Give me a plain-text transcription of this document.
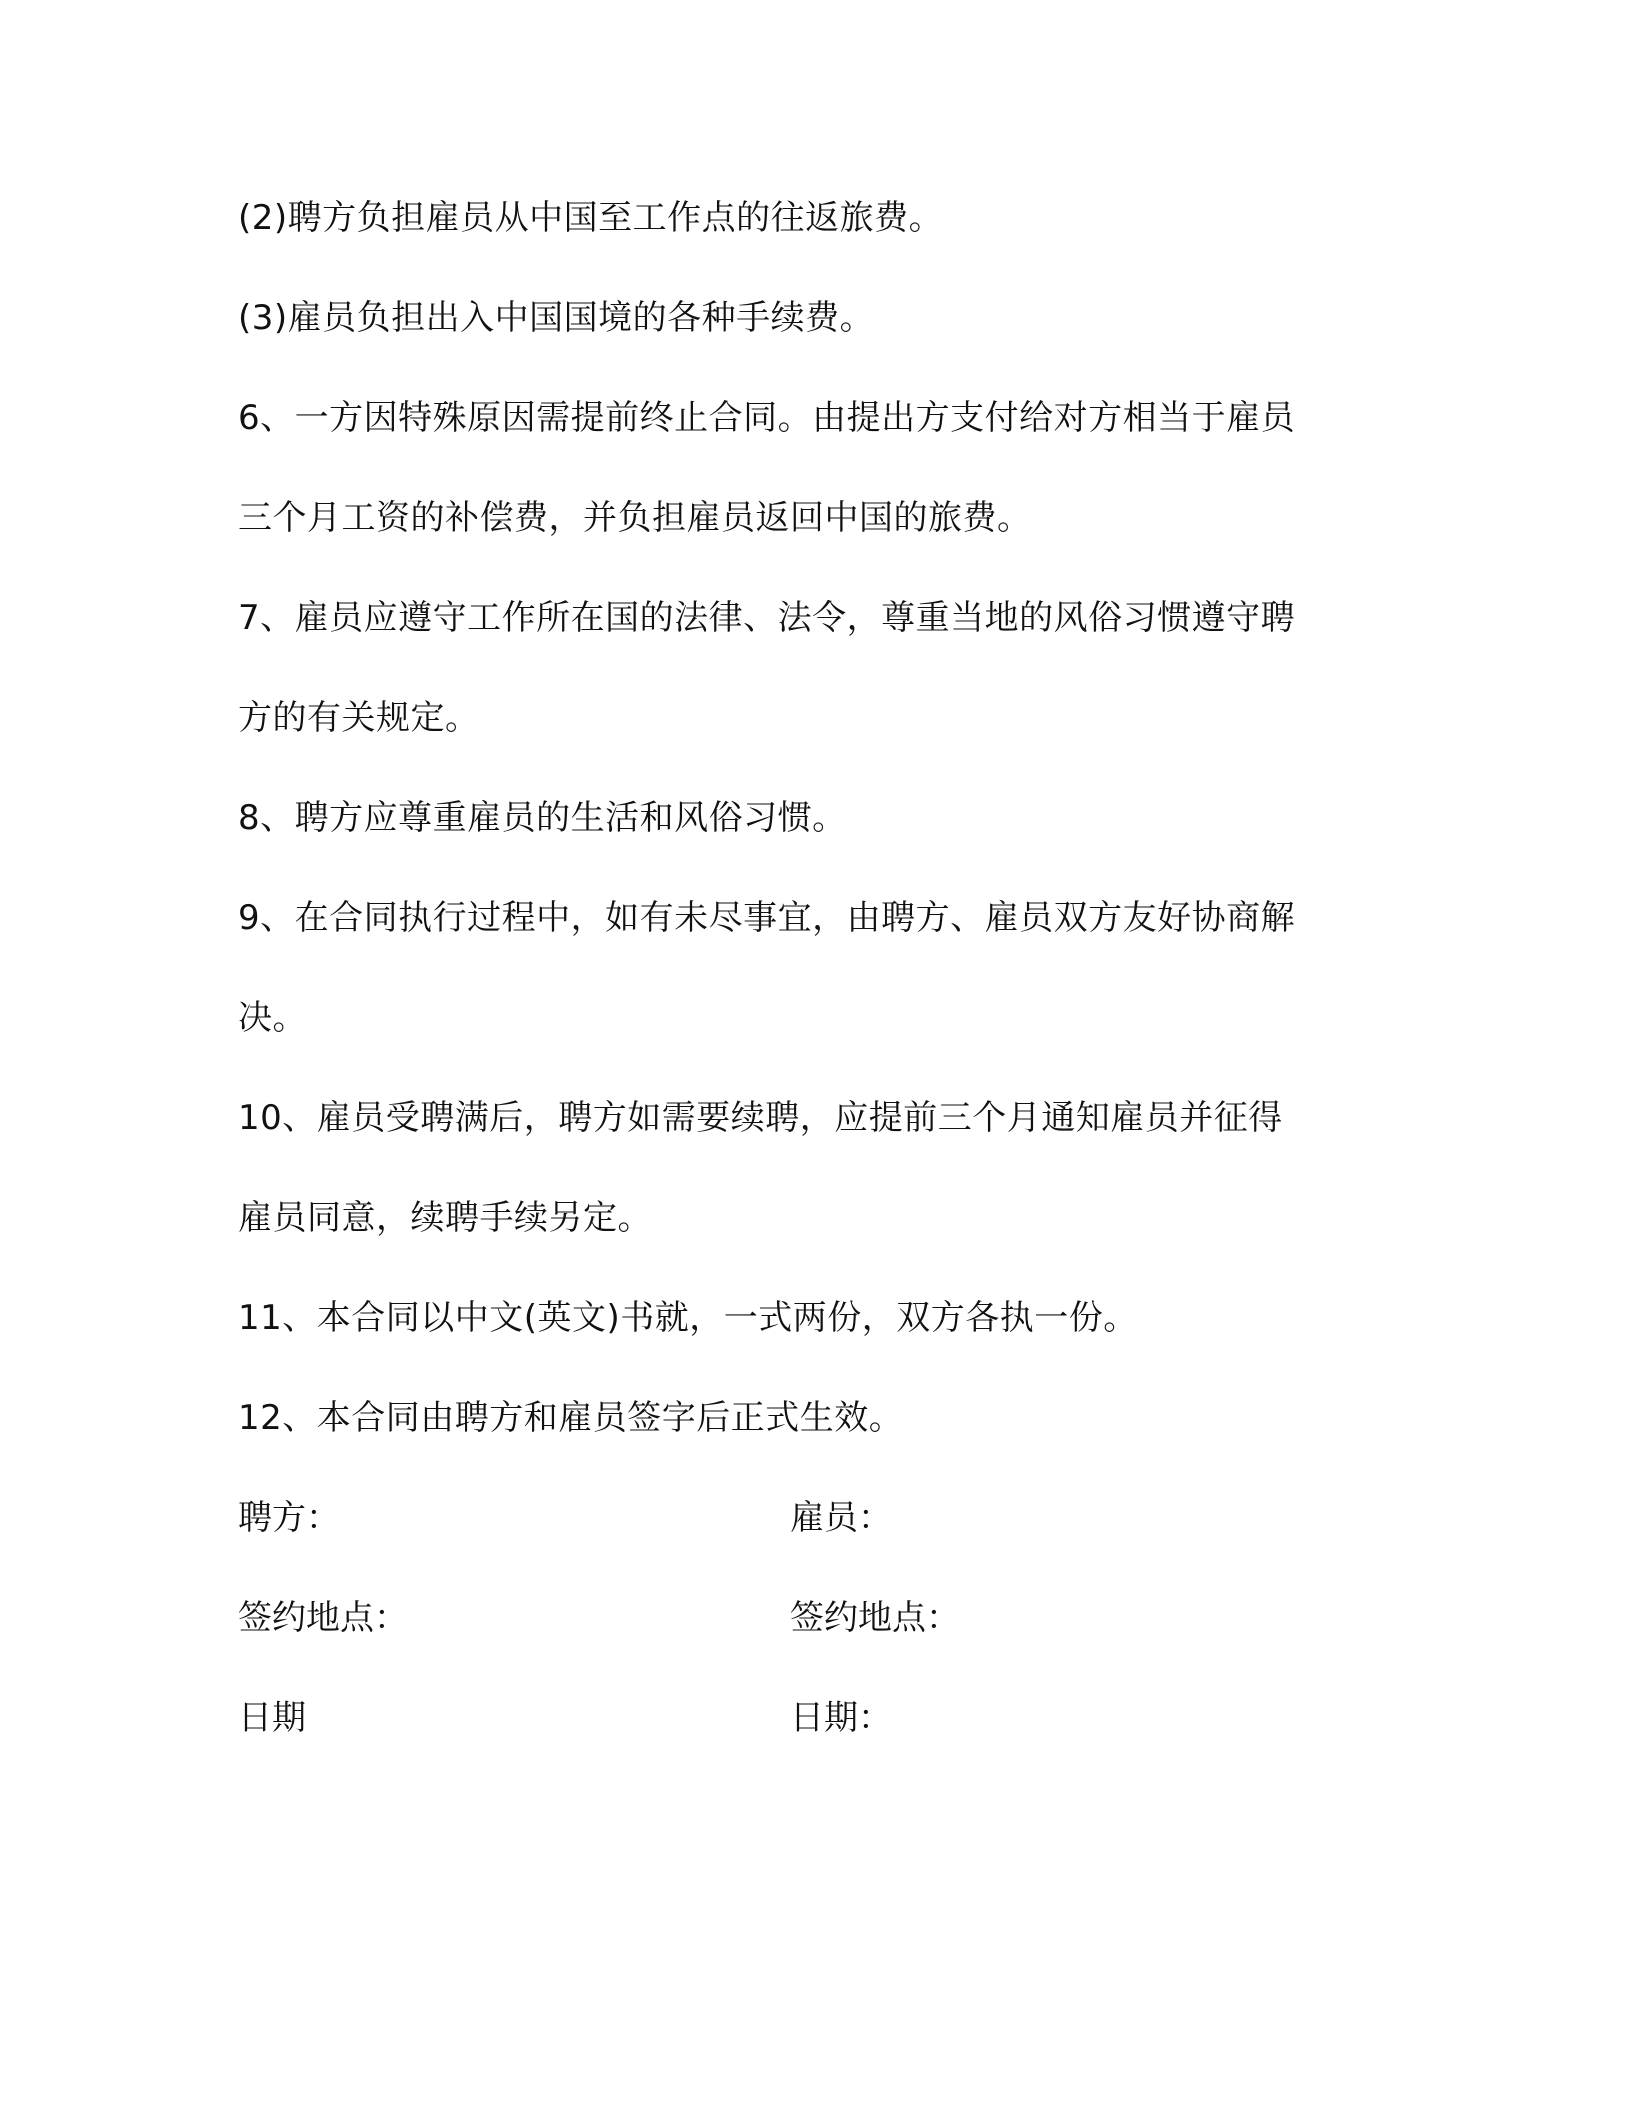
(2)聘方负担雇员从中国至工作点的往返旅费。
(3)雇员负担出入中国国境的各种手续费。
6、一方因特殊原因需提前终止合同。由提出方支付给对方相当于雇员
三个月工资的补偿费，并负担雇员返回中国的旅费。
7、雇员应遵守工作所在国的法律、法令，尊重当地的风俗习惯遵守聘
方的有关规定。
8、聘方应尊重雇员的生活和风俗习惯。
9、在合同执行过程中，如有未尽事宜，由聘方、雇员双方友好协商解
决。
10、雇员受聘满后，聘方如需要续聘，应提前三个月通知雇员并征得
雇员同意，续聘手续另定。
11、本合同以中文(英文)书就，一式两份，双方各执一份。
12、本合同由聘方和雇员签字后正式生效。
聘方：	雇员：
签约地点：	签约地点：
日期	日期：
